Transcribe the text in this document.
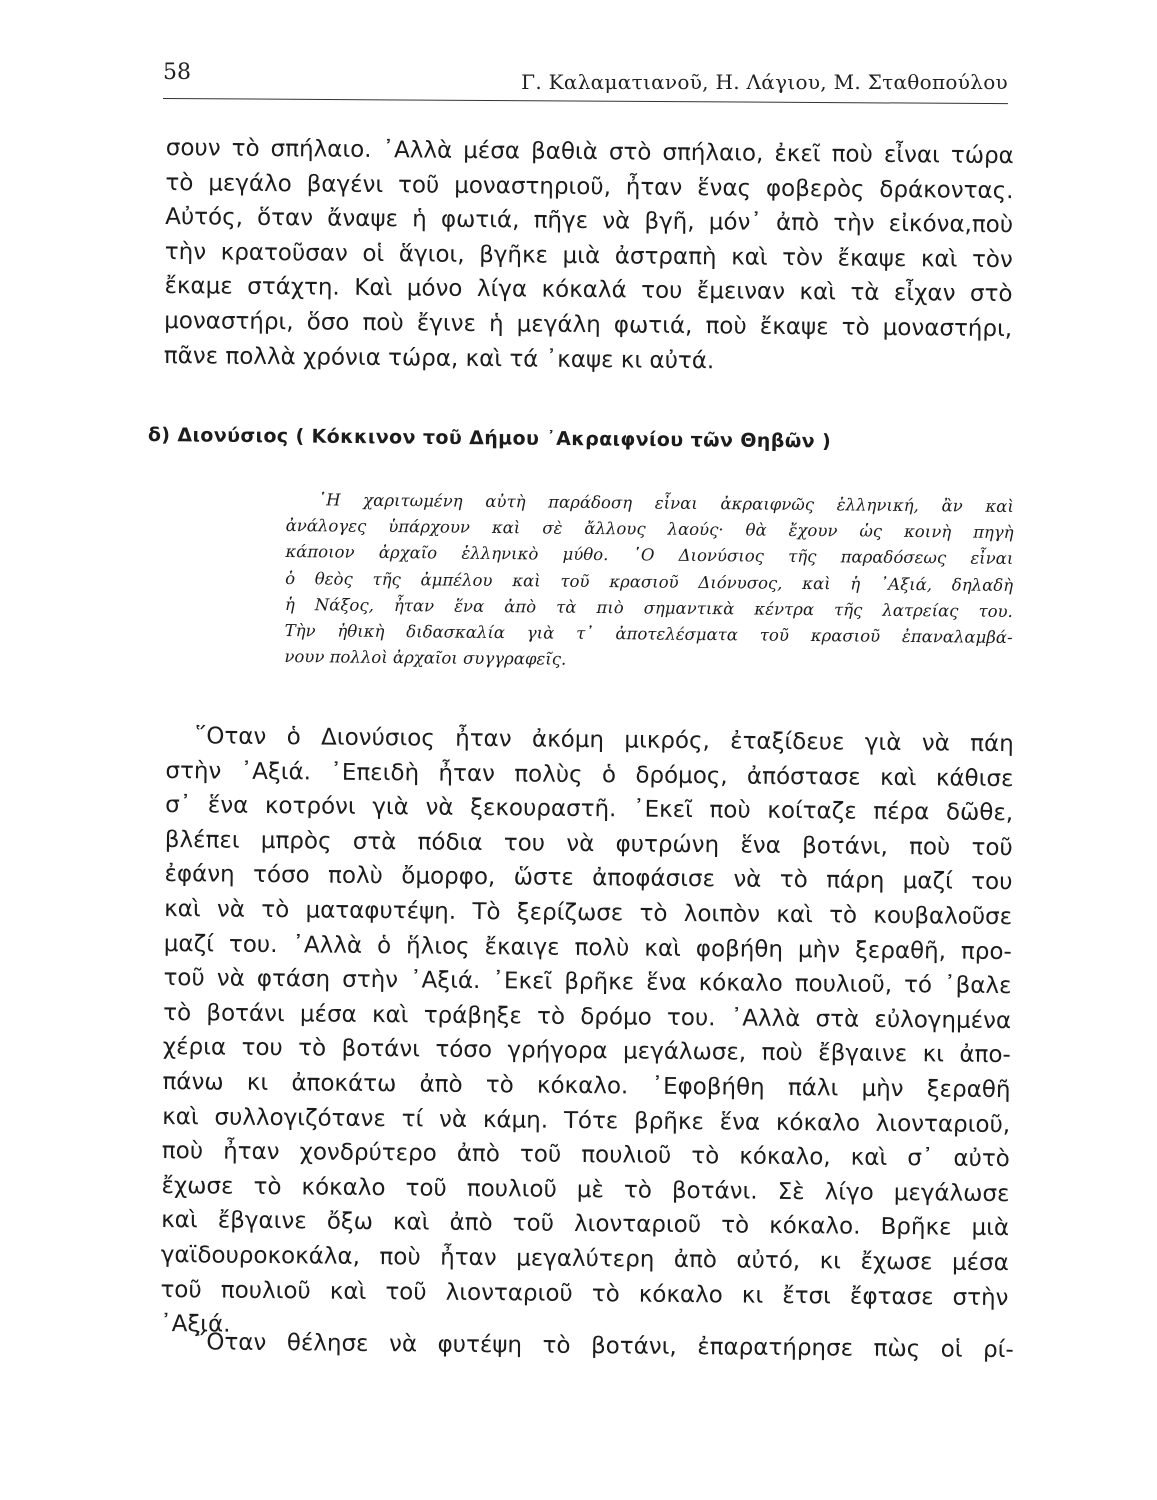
58	Γ. Καλαματιανοῦ, Η. Λάγιου, Μ. Σταθοπούλου
σουν τὸ σπήλαιο. ᾿Αλλὰ μέσα βαθιὰ στὸ σπήλαιο, ἐκεῖ ποὺ εἶναι τώρα
τὸ μεγάλο βαγένι τοῦ μοναστηριοῦ, ἦταν ἕνας φοβερὸς δράκοντας.
Αὐτός, ὅταν ἄναψε ἡ φωτιά, πῆγε νὰ βγῆ, μόν᾿ ἀπὸ τὴν εἰκόνα,ποὺ
τὴν κρατοῦσαν οἱ ἅγιοι, βγῆκε μιὰ ἀστραπὴ καὶ τὸν ἔκαψε καὶ τὸν
ἔκαμε στάχτη. Καὶ μόνο λίγα κόκαλά του ἔμειναν καὶ τὰ εἶχαν στὸ
μοναστήρι, ὅσο ποὺ ἔγινε ἡ μεγάλη φωτιά, ποὺ ἔκαψε τὸ μοναστήρι,
πᾶνε πολλὰ χρόνια τώρα, καὶ τά ᾿καψε κι αὐτά.
δ) Διονύσιος ( Κόκκινον τοῦ Δήμου ᾿Ακραιφνίου τῶν Θηβῶν )
῾Η χαριτωμένη αὐτὴ παράδοση εἶναι ἀκραιφνῶς ἑλληνική, ἂν καὶ
ἀνάλογες ὑπάρχουν καὶ σὲ ἄλλους λαούς· θὰ ἔχουν ὡς κοινὴ πηγὴ
κάποιον ἀρχαῖο ἑλληνικὸ μύθο. ῾Ο Διονύσιος τῆς παραδόσεως εἶναι
ὁ θεὸς τῆς ἀμπέλου καὶ τοῦ κρασιοῦ Διόνυσος, καὶ ἡ ᾿Αξιά, δηλαδὴ
ἡ Νάξος, ἦταν ἕνα ἀπὸ τὰ πιὸ σημαντικὰ κέντρα τῆς λατρείας του.
Τὴν ἠθικὴ διδασκαλία γιὰ τ᾿ ἀποτελέσματα τοῦ κρασιοῦ ἐπαναλαμβά-
νουν πολλοὶ ἀρχαῖοι συγγραφεῖς.
῞Οταν ὁ Διονύσιος ἦταν ἀκόμη μικρός, ἐταξίδευε γιὰ νὰ πάη
στὴν ᾿Αξιά. ᾿Επειδὴ ἦταν πολὺς ὁ δρόμος, ἀπόστασε καὶ κάθισε
σ᾿ ἕνα κοτρόνι γιὰ νὰ ξεκουραστῆ. ᾿Εκεῖ ποὺ κοίταζε πέρα δῶθε,
βλέπει μπρὸς στὰ πόδια του νὰ φυτρώνη ἕνα βοτάνι, ποὺ τοῦ
ἐφάνη τόσο πολὺ ὄμορφο, ὥστε ἀποφάσισε νὰ τὸ πάρη μαζί του
καὶ νὰ τὸ ματαφυτέψη. Τὸ ξερίζωσε τὸ λοιπὸν καὶ τὸ κουβαλοῦσε
μαζί του. ᾿Αλλὰ ὁ ἥλιος ἔκαιγε πολὺ καὶ φοβήθη μὴν ξεραθῆ, προ-
τοῦ νὰ φτάση στὴν ᾿Αξιά. ᾿Εκεῖ βρῆκε ἕνα κόκαλο πουλιοῦ, τό ᾿βαλε
τὸ βοτάνι μέσα καὶ τράβηξε τὸ δρόμο του. ᾿Αλλὰ στὰ εὐλογημένα
χέρια του τὸ βοτάνι τόσο γρήγορα μεγάλωσε, ποὺ ἔβγαινε κι ἀπο-
πάνω κι ἀποκάτω ἀπὸ τὸ κόκαλο. ᾿Εφοβήθη πάλι μὴν ξεραθῆ
καὶ συλλογιζότανε τί νὰ κάμη. Τότε βρῆκε ἕνα κόκαλο λιονταριοῦ,
ποὺ ἦταν χονδρύτερο ἀπὸ τοῦ πουλιοῦ τὸ κόκαλο, καὶ σ᾿ αὐτὸ
ἔχωσε τὸ κόκαλο τοῦ πουλιοῦ μὲ τὸ βοτάνι. Σὲ λίγο μεγάλωσε
καὶ ἔβγαινε ὄξω καὶ ἀπὸ τοῦ λιονταριοῦ τὸ κόκαλο. Βρῆκε μιὰ
γαϊδουροκοκάλα, ποὺ ἦταν μεγαλύτερη ἀπὸ αὐτό, κι ἔχωσε μέσα
τοῦ πουλιοῦ καὶ τοῦ λιονταριοῦ τὸ κόκαλο κι ἔτσι ἔφτασε στὴν
᾿Αξιά.
῞Οταν θέλησε νὰ φυτέψη τὸ βοτάνι, ἐπαρατήρησε πὼς οἱ ρί-
